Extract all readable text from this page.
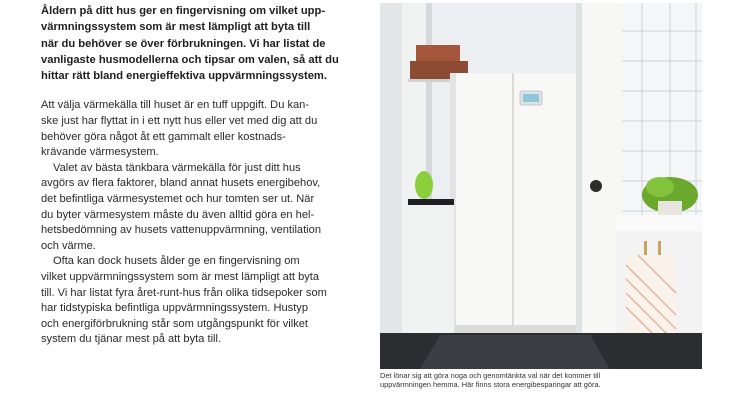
Åldern på ditt hus ger en fingervisning om vilket upp-
värmningssystem som är mest lämpligt att byta till
när du behöver se över förbrukningen. Vi har listat de
vanligaste husmodellerna och tipsar om valen, så att du
hittar rätt bland energieffektiva uppvärmningssystem.
Att välja värmekälla till huset är en tuff uppgift. Du kan-
ske just har flyttat in i ett nytt hus eller vet med dig att du
behöver göra något åt ett gammalt eller kostnads-
krävande värmesystem.
Valet av bästa tänkbara värmekälla för just ditt hus
avgörs av flera faktorer, bland annat husets energibehov,
det befintliga värmesystemet och hur tomten ser ut. När
du byter värmesystem måste du även alltid göra en hel-
hetsbedömning av husets vattenuppvärmning, ventilation
och värme.
Ofta kan dock husets ålder ge en fingervisning om
vilket uppvärmningssystem som är mest lämpligt att byta
till. Vi har listat fyra året-runt-hus från olika tidsepoker som
har tidstypiska befintliga uppvärmningssystem. Hustyp
och energiförbrukning står som utgångspunkt för vilket
system du tjänar mest på att byta till.
Det lönar sig att göra noga och genomtänkta val när det kommer till
uppvärmningen hemma. Här finns stora energibesparingar att göra.
